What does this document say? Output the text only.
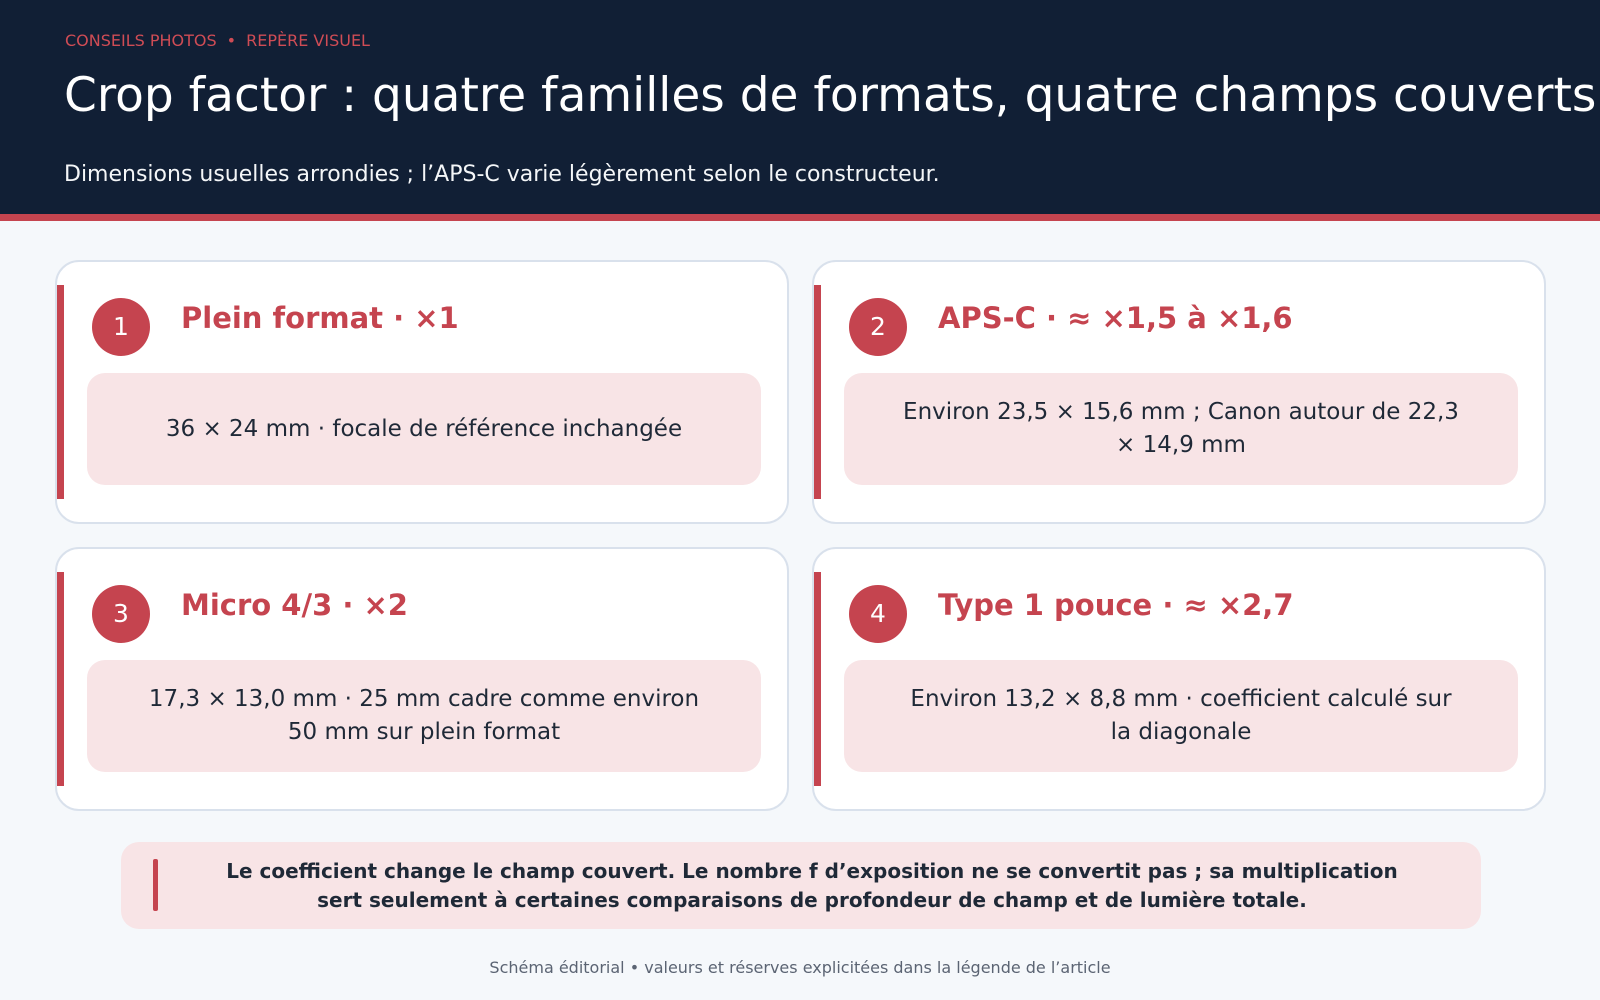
CONSEILS PHOTOS • REPÈRE VISUEL
Crop factor : quatre familles de formats, quatre champs couverts

Dimensions usuelles arrondies ; l’APS-C varie légèrement selon le constructeur.

1	Plein format · ×1
36 × 24 mm · focale de référence inchangée
2	APS-C · ≈ ×1,5 à ×1,6
Environ 23,5 × 15,6 mm ; Canon autour de 22,3 × 14,9 mm
3	Micro 4/3 · ×2
17,3 × 13,0 mm · 25 mm cadre comme environ 50 mm sur plein format
4	Type 1 pouce · ≈ ×2,7
Environ 13,2 × 8,8 mm · coefficient calculé sur la diagonale
Le coefficient change le champ couvert. Le nombre f d’exposition ne se convertit pas ; sa multiplication sert seulement à certaines comparaisons de profondeur de champ et de lumière totale.
Schéma éditorial • valeurs et réserves explicitées dans la légende de l’article
